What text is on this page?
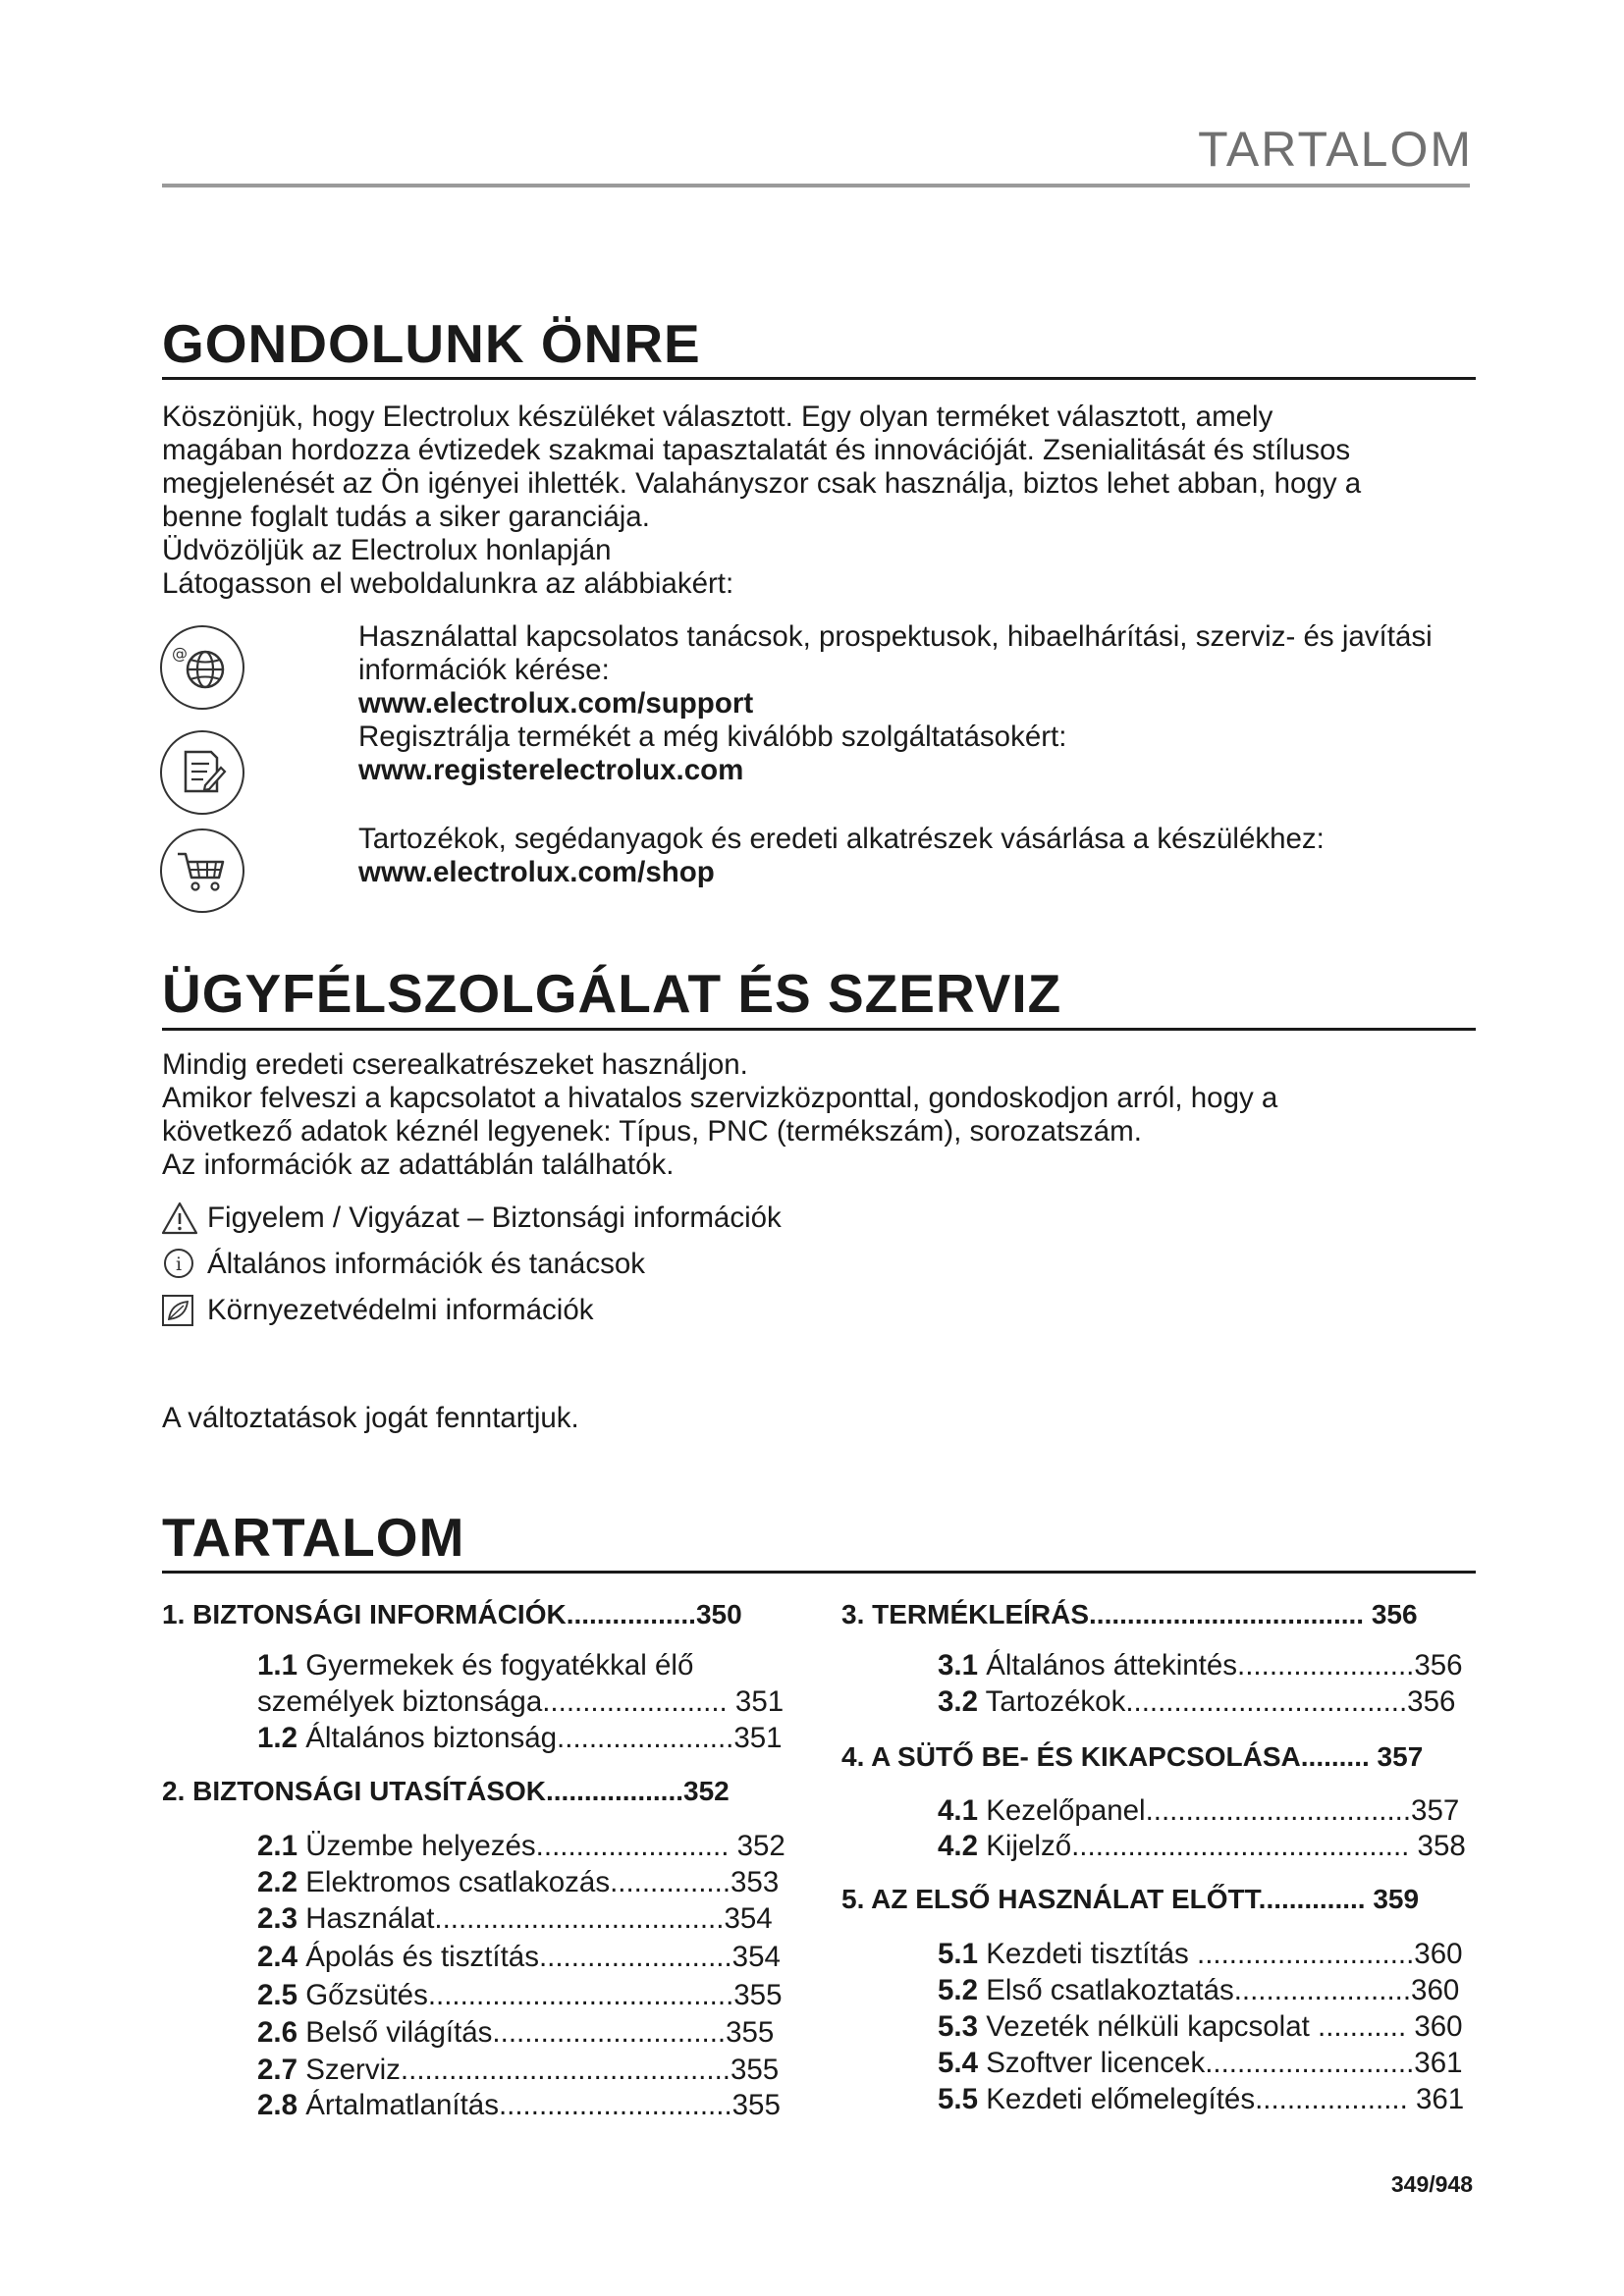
TARTALOM
GONDOLUNK ÖNRE

Köszönjük, hogy Electrolux készüléket választott. Egy olyan terméket választott, amely

magában hordozza évtizedek szakmai tapasztalatát és innovációját. Zsenialitását és stílusos

megjelenését az Ön igényei ihlették. Valahányszor csak használja, biztos lehet abban, hogy a

benne foglalt tudás a siker garanciája.

Üdvözöljük az Electrolux honlapján

Látogasson el weboldalunkra az alábbiakért:

@

Használattal kapcsolatos tanácsok, prospektusok, hibaelhárítási, szerviz- és javítási

információk kérése:

www.electrolux.com/support

Regisztrálja termékét a még kiválóbb szolgáltatásokért:

www.registerelectrolux.com

Tartozékok, segédanyagok és eredeti alkatrészek vásárlása a készülékhez:

www.electrolux.com/shop

ÜGYFÉLSZOLGÁLAT ÉS SZERVIZ

Mindig eredeti cserealkatrészeket használjon.

Amikor felveszi a kapcsolatot a hivatalos szervizközponttal, gondoskodjon arról, hogy a

következő adatok kéznél legyenek: Típus, PNC (termékszám), sorozatszám.

Az információk az adattáblán találhatók.

Figyelem / Vigyázat – Biztonsági információk
i Általános információk és tanácsok
Környezetvédelmi információk
A változtatások jogát fenntartjuk.
TARTALOM
1. BIZTONSÁGI INFORMÁCIÓK.................350
1.1 Gyermekek és fogyatékkal élő
személyek biztonsága....................... 351
1.2 Általános biztonság......................351
2. BIZTONSÁGI UTASÍTÁSOK..................352
2.1 Üzembe helyezés........................ 352
2.2 Elektromos csatlakozás...............353
2.3 Használat....................................354
2.4 Ápolás és tisztítás........................354
2.5 Gőzsütés......................................355
2.6 Belső világítás.............................355
2.7 Szerviz.........................................355
2.8 Ártalmatlanítás.............................355
3. TERMÉKLEÍRÁS.................................... 356
3.1 Általános áttekintés......................356
3.2 Tartozékok...................................356
4. A SÜTŐ BE- ÉS KIKAPCSOLÁSA......... 357
4.1 Kezelőpanel.................................357
4.2 Kijelző.......................................... 358
5. AZ ELSŐ HASZNÁLAT ELŐTT.............. 359
5.1 Kezdeti tisztítás ...........................360
5.2 Első csatlakoztatás......................360
5.3 Vezeték nélküli kapcsolat ........... 360
5.4 Szoftver licencek..........................361
5.5 Kezdeti előmelegítés................... 361
349/948
